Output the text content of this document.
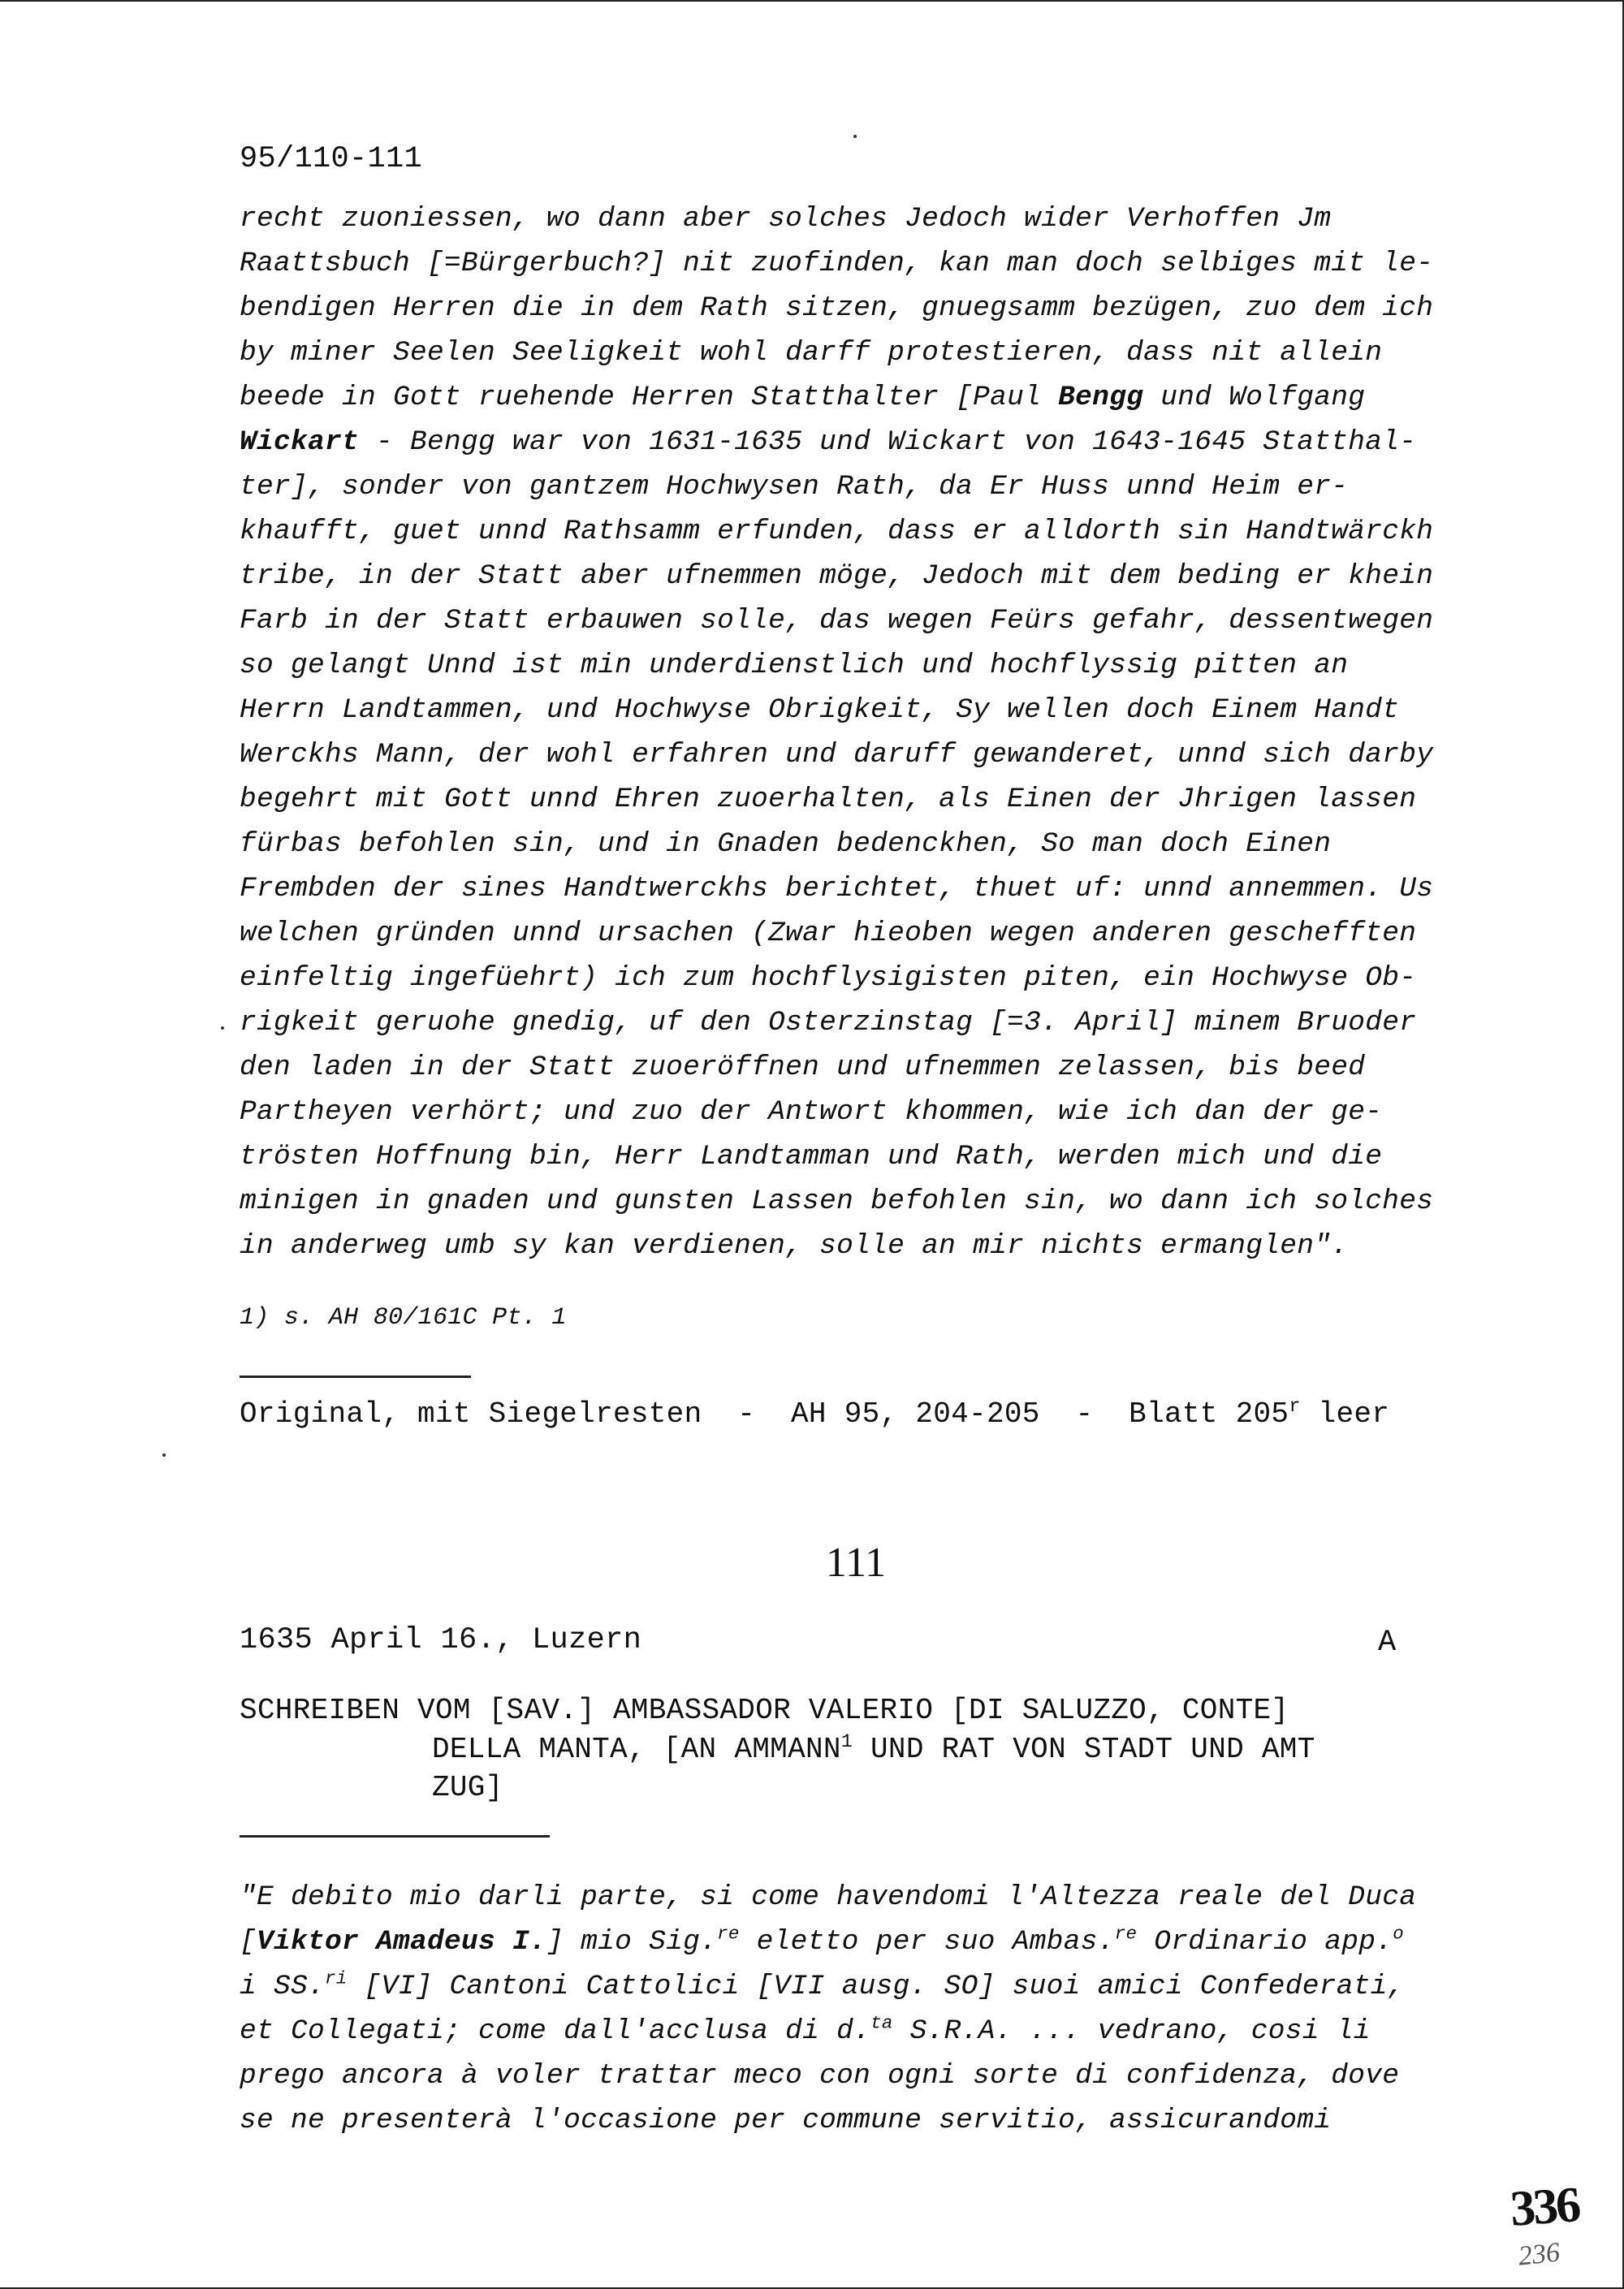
95/110-111
recht zuoniessen, wo dann aber solches Jedoch wider Verhoffen Jm
Raattsbuch [=Bürgerbuch?] nit zuofinden, kan man doch selbiges mit le-
bendigen Herren die in dem Rath sitzen, gnuegsamm bezügen, zuo dem ich
by miner Seelen Seeligkeit wohl darff protestieren, dass nit allein
beede in Gott ruehende Herren Statthalter [Paul Bengg und Wolfgang
Wickart - Bengg war von 1631-1635 und Wickart von 1643-1645 Statthal-
ter], sonder von gantzem Hochwysen Rath, da Er Huss unnd Heim er-
khaufft, guet unnd Rathsamm erfunden, dass er alldorth sin Handtwärckh
tribe, in der Statt aber ufnemmen möge, Jedoch mit dem beding er khein
Farb in der Statt erbauwen solle, das wegen Feürs gefahr, dessentwegen
so gelangt Unnd ist min underdienstlich und hochflyssig pitten an
Herrn Landtammen, und Hochwyse Obrigkeit, Sy wellen doch Einem Handt
Werckhs Mann, der wohl erfahren und daruff gewanderet, unnd sich darby
begehrt mit Gott unnd Ehren zuoerhalten, als Einen der Jhrigen lassen
fürbas befohlen sin, und in Gnaden bedenckhen, So man doch Einen
Frembden der sines Handtwerckhs berichtet, thuet uf: unnd annemmen. Us
welchen gründen unnd ursachen (Zwar hieoben wegen anderen geschefften
einfeltig ingefüehrt) ich zum hochflysigisten piten, ein Hochwyse Ob-
rigkeit geruohe gnedig, uf den Osterzinstag [=3. April] minem Bruoder
den laden in der Statt zuoeröffnen und ufnemmen zelassen, bis beed
Partheyen verhört; und zuo der Antwort khommen, wie ich dan der ge-
trösten Hoffnung bin, Herr Landtamman und Rath, werden mich und die
minigen in gnaden und gunsten Lassen befohlen sin, wo dann ich solches
in anderweg umb sy kan verdienen, solle an mir nichts ermanglen".
1) s. AH 80/161C Pt. 1
Original, mit Siegelresten  -  AH 95, 204-205  -  Blatt 205$^r$ leer
111
1635 April 16., Luzern	A
SCHREIBEN VOM [SAV.] AMBASSADOR VALERIO [DI SALUZZO, CONTE]
DELLA MANTA, [AN AMMANN$^1$ UND RAT VON STADT UND AMT
ZUG]
"E debito mio darli parte, si come havendomi l'Altezza reale del Duca
[Viktor Amadeus I.] mio Sig.$^{re}$ eletto per suo Ambas.$^{re}$ Ordinario app.$^o$
i SS.$^{ri}$ [VI] Cantoni Cattolici [VII ausg. SO] suoi amici Confederati,
et Collegati; come dall'acclusa di d.$^{ta}$ S.R.A. ... vedrano, cosi li
prego ancora à voler trattar meco con ogni sorte di confidenza, dove
se ne presenterà l'occasione per commune servitio, assicurandomi
336
236
